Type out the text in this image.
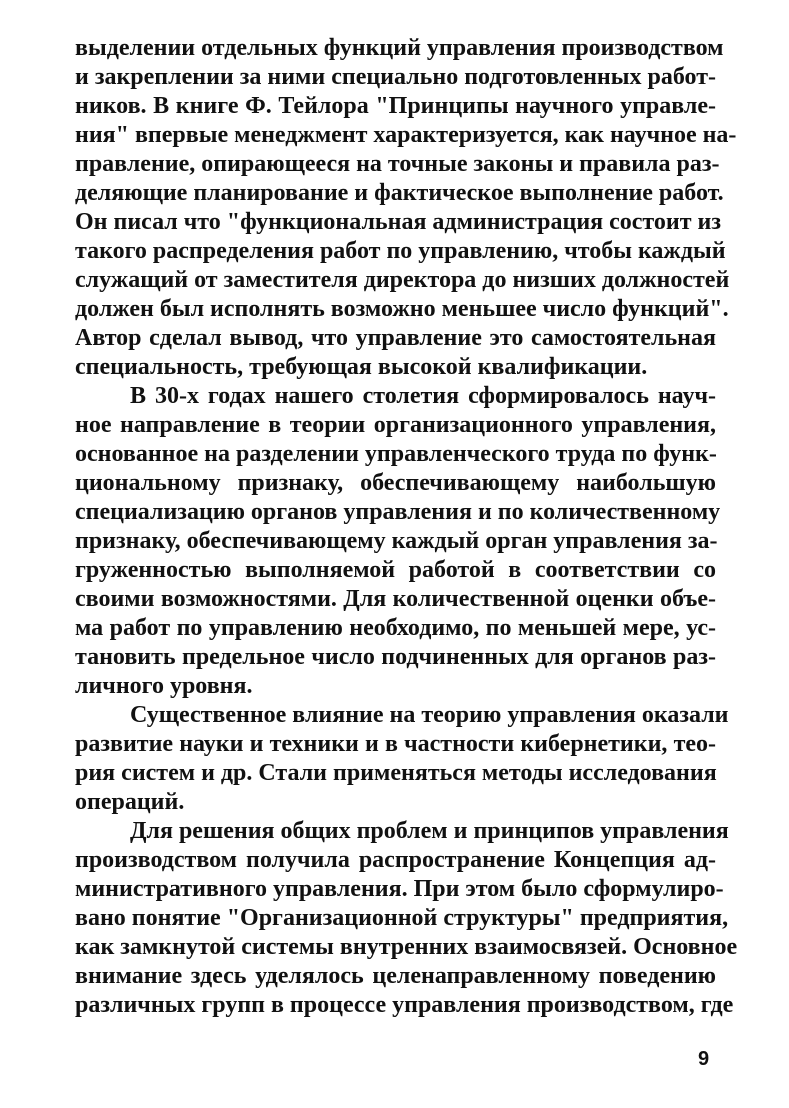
выделении отдельных функций управления производством
и закреплении за ними специально подготовленных работ-
ников. В книге Ф. Тейлора "Принципы научного управле-
ния" впервые менеджмент характеризуется, как научное на-
правление, опирающееся на точные законы и правила раз-
деляющие планирование и фактическое выполнение работ.
Он писал что "функциональная администрация состоит из
такого распределения работ по управлению, чтобы каждый
служащий от заместителя директора до низших должностей
должен был исполнять возможно меньшее число функций".
Автор сделал вывод, что управление это самостоятельная
специальность, требующая высокой квалификации.
В 30-х годах нашего столетия сформировалось науч-
ное направление в теории организационного управления,
основанное на разделении управленческого труда по функ-
циональному признаку, обеспечивающему наибольшую
специализацию органов управления и по количественному
признаку, обеспечивающему каждый орган управления за-
груженностью выполняемой работой в соответствии со
своими возможностями. Для количественной оценки объе-
ма работ по управлению необходимо, по меньшей мере, ус-
тановить предельное число подчиненных для органов раз-
личного уровня.
Существенное влияние на теорию управления оказали
развитие науки и техники и в частности кибернетики, тео-
рия систем и др. Стали применяться методы исследования
операций.
Для решения общих проблем и принципов управления
производством получила распространение Концепция ад-
министративного управления. При этом было сформулиро-
вано понятие "Организационной структуры" предприятия,
как замкнутой системы внутренних взаимосвязей. Основное
внимание здесь уделялось целенаправленному поведению
различных групп в процессе управления производством, где
9
